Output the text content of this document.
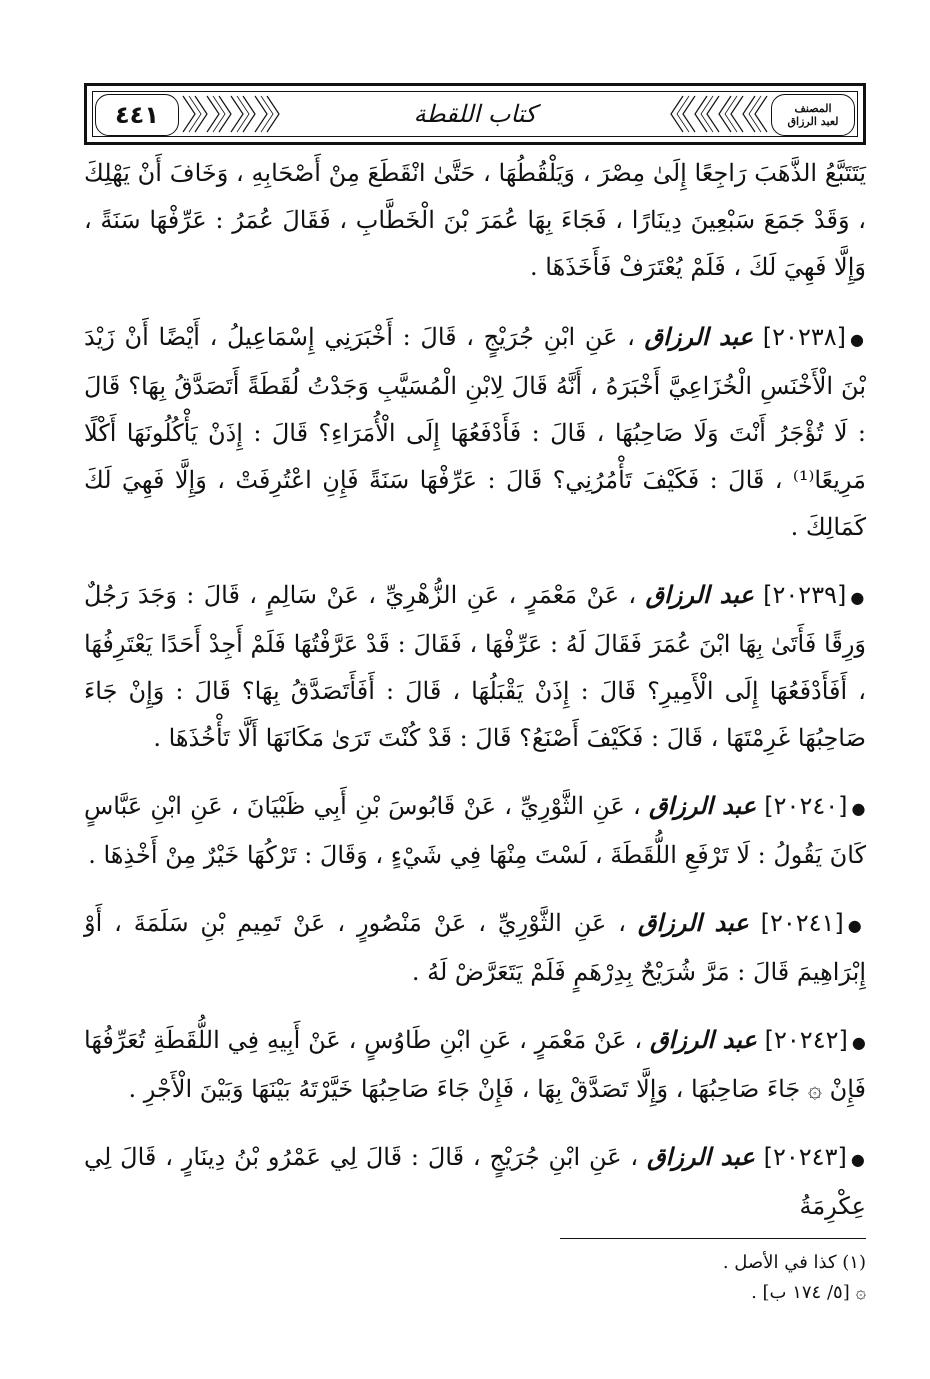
٤٤١	كتاب اللقطة	المصنف
لعبد الرزاق

يَتَتَبَّعُ الذَّهَبَ رَاجِعًا إِلَىٰ مِصْرَ ، وَيَلْقُطُهَا ، حَتَّىٰ انْقَطَعَ مِنْ أَصْحَابِهِ ، وَخَافَ أَنْ يَهْلِكَ ، وَقَدْ جَمَعَ سَبْعِينَ دِينَارًا ، فَجَاءَ بِهَا عُمَرَ بْنَ الْخَطَّابِ ، فَقَالَ عُمَرُ : عَرِّفْهَا سَنَةً ، وَإِلَّا فَهِيَ لَكَ ، فَلَمْ يُعْتَرَفْ فَأَخَذَهَا .

●[٢٠٢٣٨] عبد الرزاق ، عَنِ ابْنِ جُرَيْجٍ ، قَالَ : أَخْبَرَنِي إِسْمَاعِيلُ ، أَيْضًا أَنْ زَيْدَ بْنَ الْأَخْنَسِ الْخُزَاعِيَّ أَخْبَرَهُ ، أَنَّهُ قَالَ لِابْنِ الْمُسَيَّبِ وَجَدْتُ لُقَطَةً أَتَصَدَّقُ بِهَا؟ قَالَ : لَا تُؤْجَرُ أَنْتَ وَلَا صَاحِبُهَا ، قَالَ : فَأَدْفَعُهَا إِلَى الْأُمَرَاءِ؟ قَالَ : إِذَنْ يَأْكُلُونَهَا أَكْلًا مَرِيعًا⁽¹⁾ ، قَالَ : فَكَيْفَ تَأْمُرُنِي؟ قَالَ : عَرِّفْهَا سَنَةً فَإِنِ اعْتُرِفَتْ ، وَإِلَّا فَهِيَ لَكَ كَمَالِكَ .

●[٢٠٢٣٩] عبد الرزاق ، عَنْ مَعْمَرٍ ، عَنِ الزُّهْرِيِّ ، عَنْ سَالِمٍ ، قَالَ : وَجَدَ رَجُلٌ وَرِقًا فَأَتَىٰ بِهَا ابْنَ عُمَرَ فَقَالَ لَهُ : عَرِّفْهَا ، فَقَالَ : قَدْ عَرَّفْتُهَا فَلَمْ أَجِدْ أَحَدًا يَعْتَرِفُهَا ، أَفَأَدْفَعُهَا إِلَى الْأَمِيرِ؟ قَالَ : إِذَنْ يَقْبَلُهَا ، قَالَ : أَفَأَتَصَدَّقُ بِهَا؟ قَالَ : وَإِنْ جَاءَ صَاحِبُهَا غَرِمْتَهَا ، قَالَ : فَكَيْفَ أَصْنَعُ؟ قَالَ : قَدْ كُنْتَ تَرَىٰ مَكَانَهَا أَلَّا تَأْخُذَهَا .

●[٢٠٢٤٠] عبد الرزاق ، عَنِ الثَّوْرِيِّ ، عَنْ قَابُوسَ بْنِ أَبِي ظَبْيَانَ ، عَنِ ابْنِ عَبَّاسٍ كَانَ يَقُولُ : لَا تَرْفَعِ اللُّقَطَةَ ، لَسْتَ مِنْهَا فِي شَيْءٍ ، وَقَالَ : تَرْكُهَا خَيْرٌ مِنْ أَخْذِهَا .

●[٢٠٢٤١] عبد الرزاق ، عَنِ الثَّوْرِيِّ ، عَنْ مَنْصُورٍ ، عَنْ تَمِيمِ بْنِ سَلَمَةَ ، أَوْ إِبْرَاهِيمَ قَالَ : مَرَّ شُرَيْحٌ بِدِرْهَمٍ فَلَمْ يَتَعَرَّضْ لَهُ .

●[٢٠٢٤٢] عبد الرزاق ، عَنْ مَعْمَرٍ ، عَنِ ابْنِ طَاوُسٍ ، عَنْ أَبِيهِ فِي اللُّقَطَةِ تُعَرِّفُهَا فَإِنْ ۞ جَاءَ صَاحِبُهَا ، وَإِلَّا تَصَدَّقْ بِهَا ، فَإِنْ جَاءَ صَاحِبُهَا خَيَّرْتَهُ بَيْنَهَا وَبَيْنَ الْأَجْرِ .

●[٢٠٢٤٣] عبد الرزاق ، عَنِ ابْنِ جُرَيْجٍ ، قَالَ : قَالَ لِي عَمْرُو بْنُ دِينَارٍ ، قَالَ لِي عِكْرِمَةُ

(١) كذا في الأصل .

۞ [٥/ ١٧٤ ب] .
